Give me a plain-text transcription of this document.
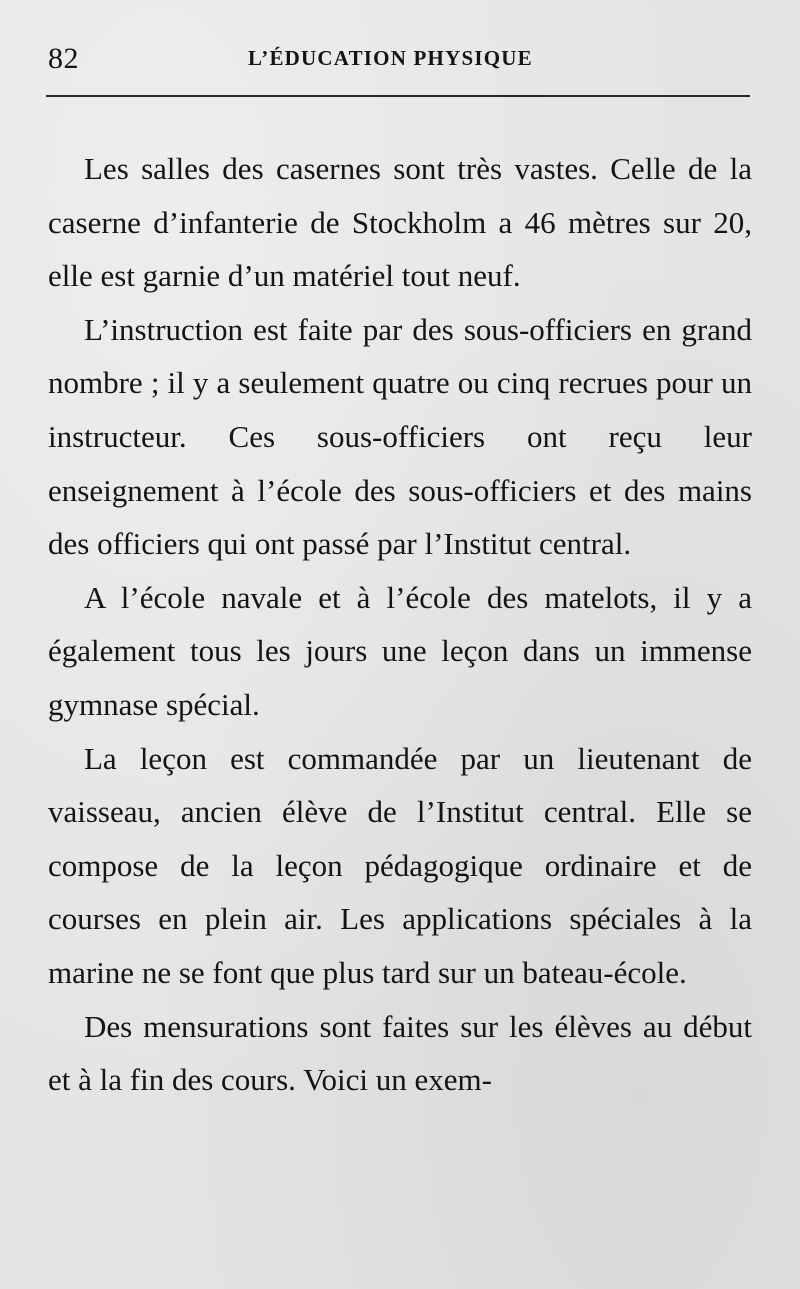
82	L’ÉDUCATION PHYSIQUE

Les salles des casernes sont très vastes. Celle de la caserne d’infanterie de Stockholm a 46 mètres sur 20, elle est garnie d’un matériel tout neuf.

L’instruction est faite par des sous-officiers en grand nombre ; il y a seulement quatre ou cinq recrues pour un instructeur. Ces sous-officiers ont reçu leur enseignement à l’école des sous-officiers et des mains des officiers qui ont passé par l’Institut central.

A l’école navale et à l’école des matelots, il y a également tous les jours une leçon dans un immense gymnase spécial.

La leçon est commandée par un lieutenant de vaisseau, ancien élève de l’Institut central. Elle se compose de la leçon pédagogique ordinaire et de courses en plein air. Les applications spéciales à la marine ne se font que plus tard sur un bateau-école.

Des mensurations sont faites sur les élèves au début et à la fin des cours. Voici un exem-
